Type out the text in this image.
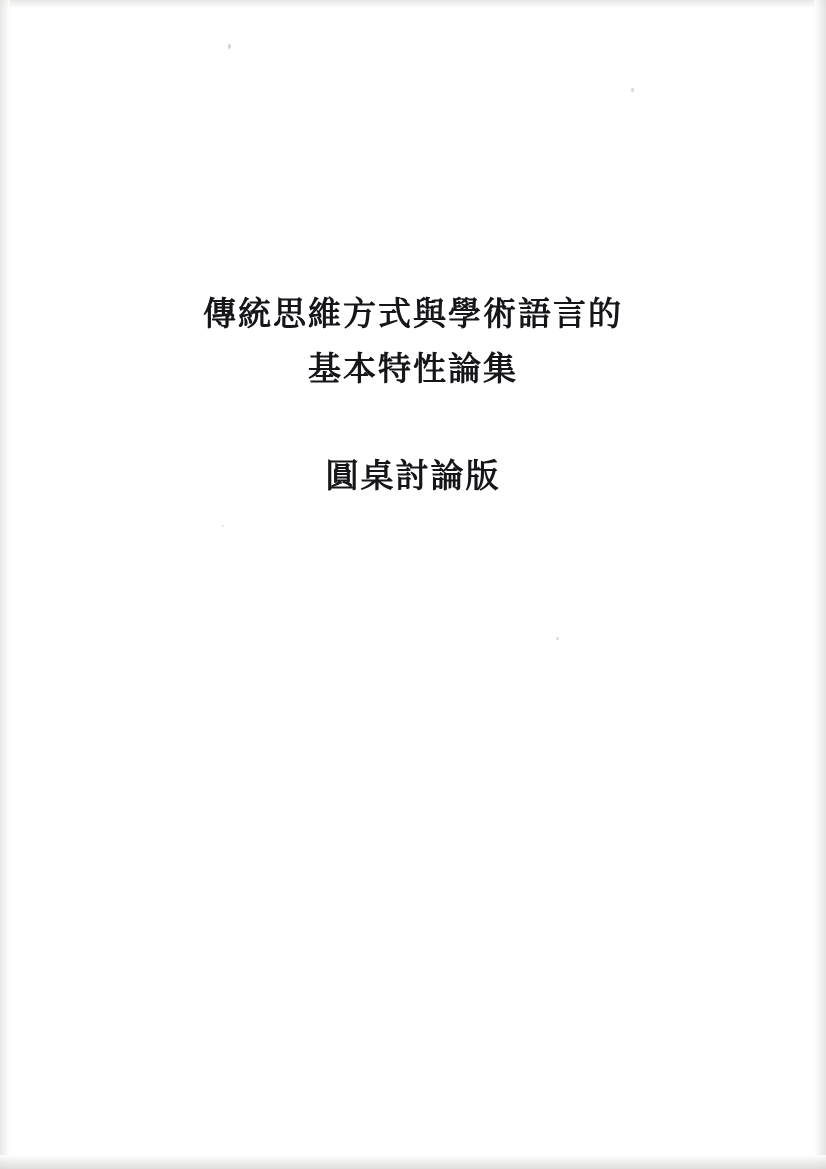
傳統思維方式與學術語言的
基本特性論集
圓桌討論版
